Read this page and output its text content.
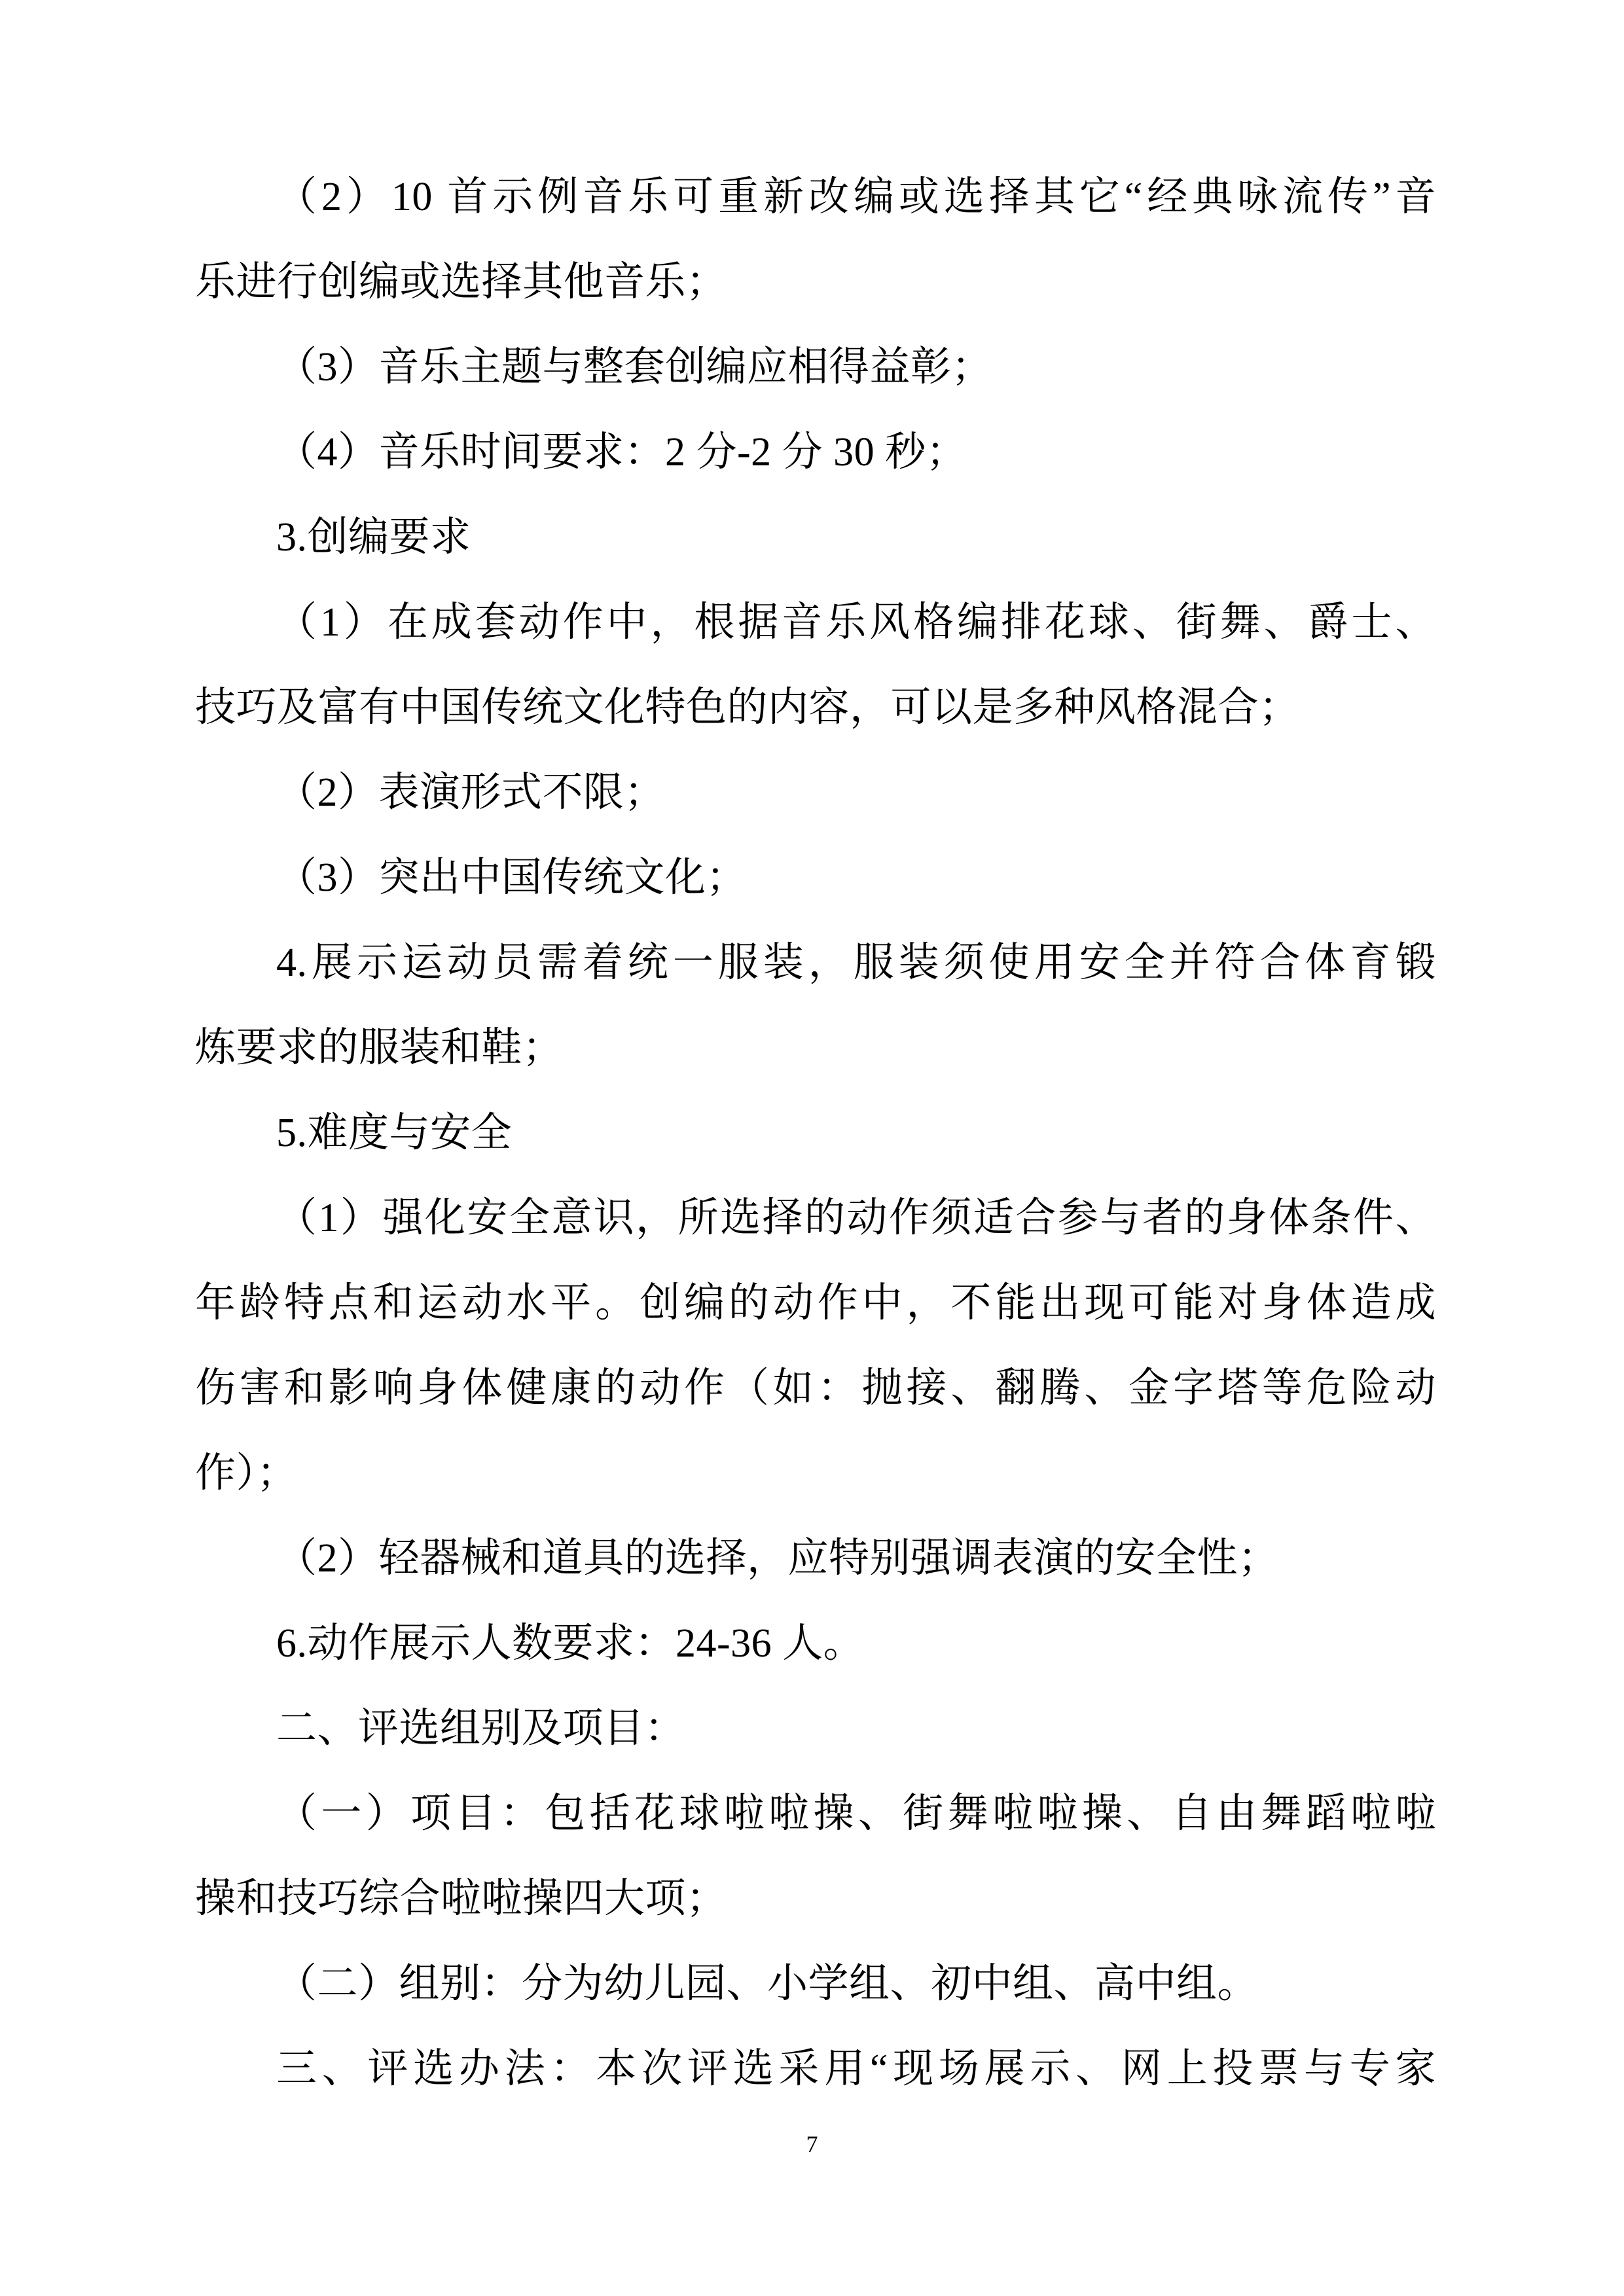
（2）10 首示例音乐可重新改编或选择其它“经典咏流传”音
乐进行创编或选择其他音乐；
（3）音乐主题与整套创编应相得益彰；
（4）音乐时间要求：2 分-2 分 30 秒；
3.创编要求
（1）在成套动作中，根据音乐风格编排花球、街舞、爵士、
技巧及富有中国传统文化特色的内容，可以是多种风格混合；
（2）表演形式不限；
（3）突出中国传统文化；
4.展示运动员需着统一服装，服装须使用安全并符合体育锻
炼要求的服装和鞋；
5.难度与安全
（1）强化安全意识，所选择的动作须适合参与者的身体条件、
年龄特点和运动水平。创编的动作中，不能出现可能对身体造成
伤害和影响身体健康的动作（如：抛接、翻腾、金字塔等危险动
作）；
（2）轻器械和道具的选择，应特别强调表演的安全性；
6.动作展示人数要求：24-36 人。
二、评选组别及项目：
（一）项目：包括花球啦啦操、街舞啦啦操、自由舞蹈啦啦
操和技巧综合啦啦操四大项；
（二）组别：分为幼儿园、小学组、初中组、高中组。
三、评选办法：本次评选采用“现场展示、网上投票与专家
7
